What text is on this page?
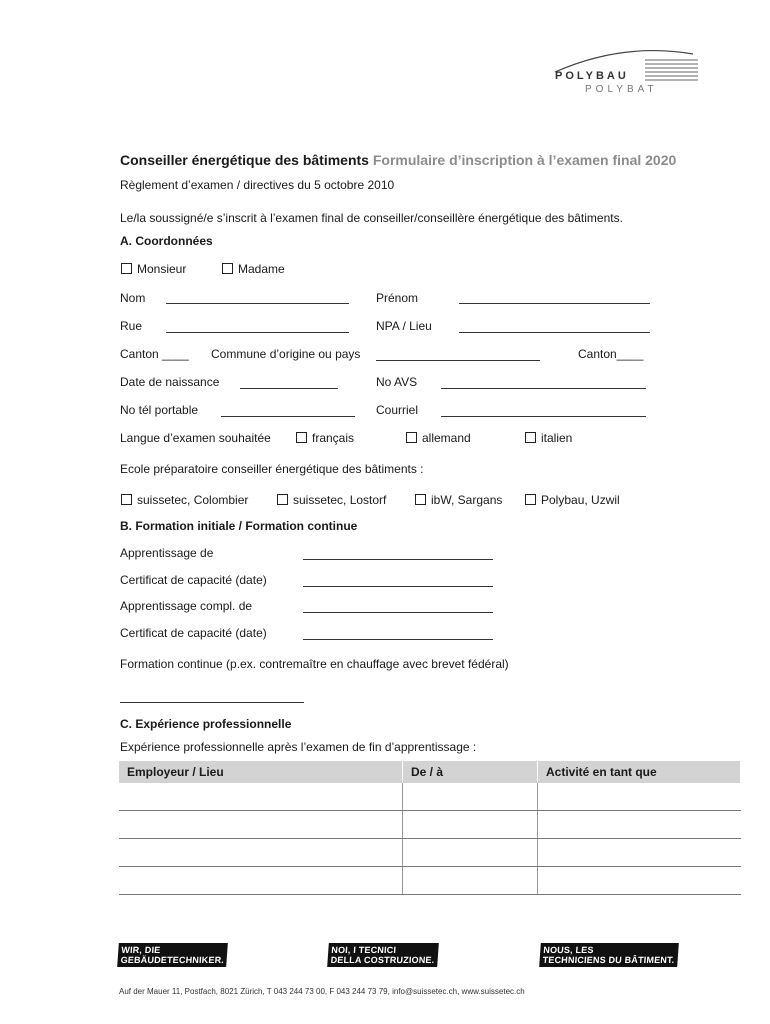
POLYBAU
POLYBAT
Conseiller énergétique des bâtiments Formulaire d’inscription à l’examen final 2020
Règlement d’examen / directives du 5 octobre 2010
Le/la soussigné/e s’inscrit à l’examen final de conseiller/conseillère énergétique des bâtiments.
A. Coordonnées
Monsieur	Madame
Nom	Prénom
Rue	NPA / Lieu
Canton ____ Commune d’origine ou pays	Canton____
Date de naissance	No AVS
No tél portable	Courriel
Langue d’examen souhaitée	français	allemand	italien
Ecole préparatoire conseiller énergétique des bâtiments :
suissetec, Colombier	suissetec, Lostorf	ibW, Sargans	Polybau, Uzwil
B. Formation initiale / Formation continue
Apprentissage de
Certificat de capacité (date)
Apprentissage compl. de
Certificat de capacité (date)
Formation continue (p.ex. contremaître en chauffage avec brevet fédéral)
C. Expérience professionnelle
Expérience professionnelle après l’examen de fin d’apprentissage :
Employeur / Lieu	De / à	Activité en tant que

WIR, DIE
GEBÄUDETECHNIKER.
NOI, I TECNICI
DELLA COSTRUZIONE.
NOUS, LES
TECHNICIENS DU BÂTIMENT.
Auf der Mauer 11, Postfach, 8021 Zürich, T 043 244 73 00, F 043 244 73 79, info@suissetec.ch, www.suissetec.ch
